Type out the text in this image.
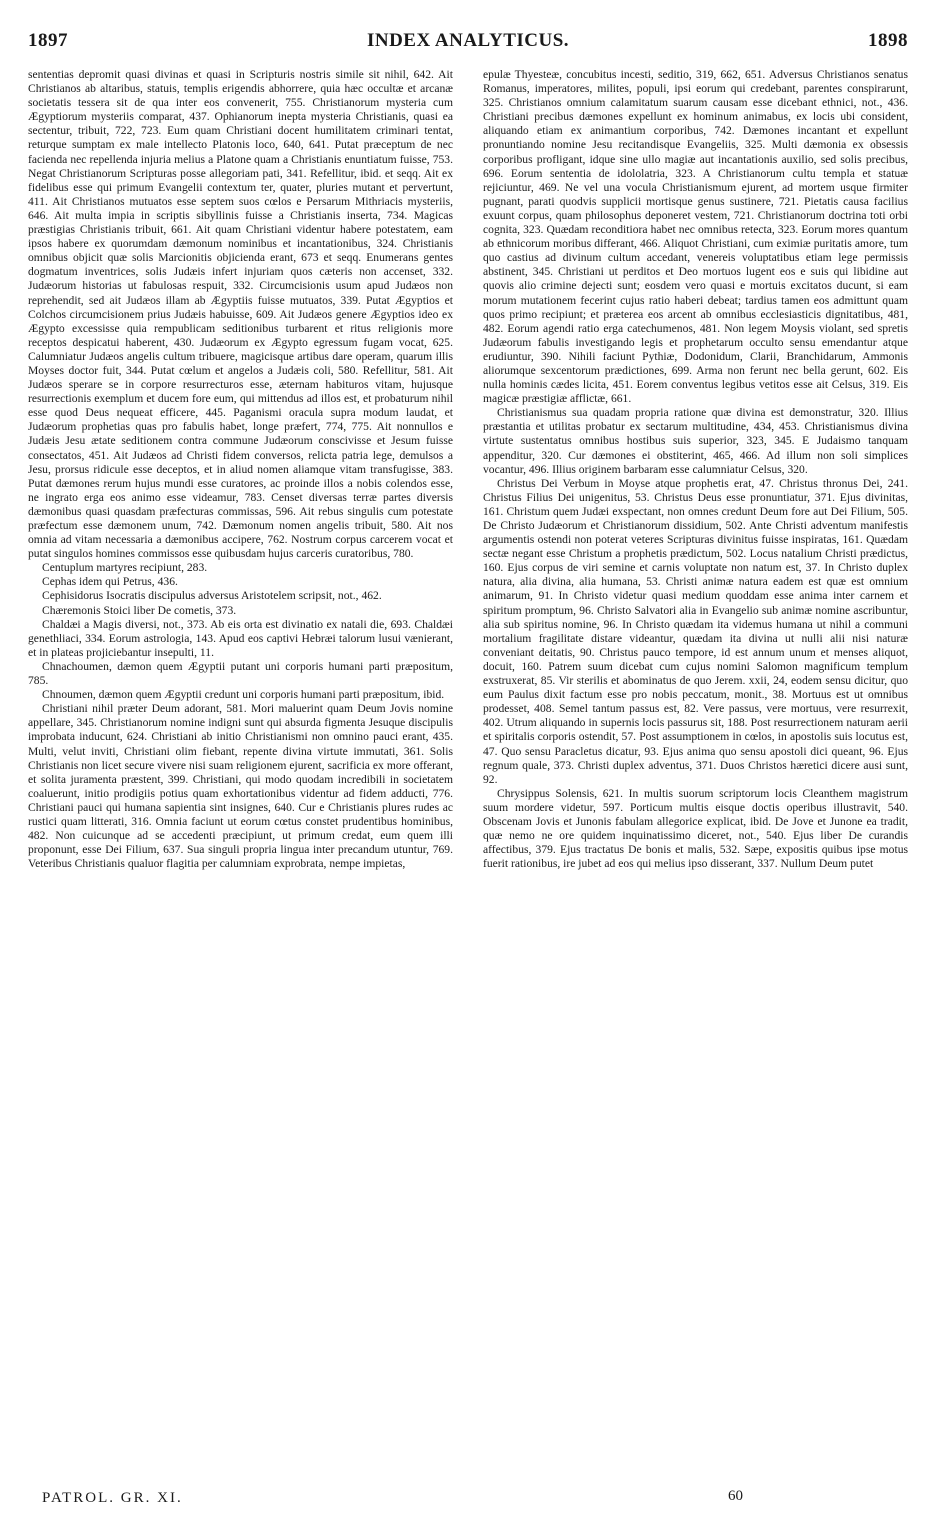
1897	INDEX ANALYTICUS.	1898

sententias depromit quasi divinas et quasi in Scripturis nostris simile sit nihil, 642. Ait Christianos ab altaribus, statuis, templis erigendis abhorrere, quia hæc occultæ et arcanæ societatis tessera sit de qua inter eos convenerit, 755. Christianorum mysteria cum Ægyptiorum mysteriis comparat, 437. Ophianorum inepta mysteria Christianis, quasi ea sectentur, tribuit, 722, 723. Eum quam Christiani docent humilitatem criminari tentat, returque sumptam ex male intellecto Platonis loco, 640, 641. Putat præceptum de nec facienda nec repellenda injuria melius a Platone quam a Christianis enuntiatum fuisse, 753. Negat Christianorum Scripturas posse allegoriam pati, 341. Refellitur, ibid. et seqq. Ait ex fidelibus esse qui primum Evangelii contextum ter, quater, pluries mutant et pervertunt, 411. Ait Christianos mutuatos esse septem suos cœlos e Persarum Mithriacis mysteriis, 646. Ait multa impia in scriptis sibyllinis fuisse a Christianis inserta, 734. Magicas præstigias Christianis tribuit, 661. Ait quam Christiani videntur habere potestatem, eam ipsos habere ex quorumdam dæmonum nominibus et incantationibus, 324. Christianis omnibus objicit quæ solis Marcionitis objicienda erant, 673 et seqq. Enumerans gentes dogmatum inventrices, solis Judæis infert injuriam quos cæteris non accenset, 332. Judæorum historias ut fabulosas respuit, 332. Circumcisionis usum apud Judæos non reprehendit, sed ait Judæos illam ab Ægyptiis fuisse mutuatos, 339. Putat Ægyptios et Colchos circumcisionem prius Judæis habuisse, 609. Ait Judæos genere Ægyptios ideo ex Ægypto excessisse quia rempublicam seditionibus turbarent et ritus religionis more receptos despicatui haberent, 430. Judæorum ex Ægypto egressum fugam vocat, 625. Calumniatur Judæos angelis cultum tribuere, magicisque artibus dare operam, quarum illis Moyses doctor fuit, 344. Putat cœlum et angelos a Judæis coli, 580. Refellitur, 581. Ait Judæos sperare se in corpore resurrecturos esse, æternam habituros vitam, hujusque resurrectionis exemplum et ducem fore eum, qui mittendus ad illos est, et probaturum nihil esse quod Deus nequeat efficere, 445. Paganismi oracula supra modum laudat, et Judæorum prophetias quas pro fabulis habet, longe præfert, 774, 775. Ait nonnullos e Judæis Jesu ætate seditionem contra commune Judæorum conscivisse et Jesum fuisse consectatos, 451. Ait Judæos ad Christi fidem conversos, relicta patria lege, demulsos a Jesu, prorsus ridicule esse deceptos, et in aliud nomen aliamque vitam transfugisse, 383. Putat dæmones rerum hujus mundi esse curatores, ac proinde illos a nobis colendos esse, ne ingrato erga eos animo esse videamur, 783. Censet diversas terræ partes diversis dæmonibus quasi quasdam præfecturas commissas, 596. Ait rebus singulis cum potestate præfectum esse dæmonem unum, 742. Dæmonum nomen angelis tribuit, 580. Ait nos omnia ad vitam necessaria a dæmonibus accipere, 762. Nostrum corpus carcerem vocat et putat singulos homines commissos esse quibusdam hujus carceris curatoribus, 780.

Centuplum martyres recipiunt, 283.

Cephas idem qui Petrus, 436.

Cephisidorus Isocratis discipulus adversus Aristotelem scripsit, not., 462.

Chæremonis Stoici liber De cometis, 373.

Chaldæi a Magis diversi, not., 373. Ab eis orta est divinatio ex natali die, 693. Chaldæi genethliaci, 334. Eorum astrologia, 143. Apud eos captivi Hebræi talorum lusui vænierant, et in plateas projiciebantur insepulti, 11.

Chnachoumen, dæmon quem Ægyptii putant uni corporis humani parti præpositum, 785.

Chnoumen, dæmon quem Ægyptii credunt uni corporis humani parti præpositum, ibid.

Christiani nihil præter Deum adorant, 581. Mori maluerint quam Deum Jovis nomine appellare, 345. Christianorum nomine indigni sunt qui absurda figmenta Jesuque discipulis improbata inducunt, 624. Christiani ab initio Christianismi non omnino pauci erant, 435. Multi, velut inviti, Christiani olim fiebant, repente divina virtute immutati, 361. Solis Christianis non licet secure vivere nisi suam religionem ejurent, sacrificia ex more offerant, et solita juramenta præstent, 399. Christiani, qui modo quodam incredibili in societatem coaluerunt, initio prodigiis potius quam exhortationibus videntur ad fidem adducti, 776. Christiani pauci qui humana sapientia sint insignes, 640. Cur e Christianis plures rudes ac rustici quam litterati, 316. Omnia faciunt ut eorum cœtus constet prudentibus hominibus, 482. Non cuicunque ad se accedenti præcipiunt, ut primum credat, eum quem illi proponunt, esse Dei Filium, 637. Sua singuli propria lingua inter precandum utuntur, 769. Veteribus Christianis qualuor flagitia per calumniam exprobrata, nempe impietas,

epulæ Thyesteæ, concubitus incesti, seditio, 319, 662, 651. Adversus Christianos senatus Romanus, imperatores, milites, populi, ipsi eorum qui credebant, parentes conspirarunt, 325. Christianos omnium calamitatum suarum causam esse dicebant ethnici, not., 436. Christiani precibus dæmones expellunt ex hominum animabus, ex locis ubi consident, aliquando etiam ex animantium corporibus, 742. Dæmones incantant et expellunt pronuntiando nomine Jesu recitandisque Evangeliis, 325. Multi dæmonia ex obsessis corporibus profligant, idque sine ullo magiæ aut incantationis auxilio, sed solis precibus, 696. Eorum sententia de idololatria, 323. A Christianorum cultu templa et statuæ rejiciuntur, 469. Ne vel una vocula Christianismum ejurent, ad mortem usque firmiter pugnant, parati quodvis supplicii mortisque genus sustinere, 721. Pietatis causa facilius exuunt corpus, quam philosophus deponeret vestem, 721. Christianorum doctrina toti orbi cognita, 323. Quædam reconditiora habet nec omnibus retecta, 323. Eorum mores quantum ab ethnicorum moribus differant, 466. Aliquot Christiani, cum eximiæ puritatis amore, tum quo castius ad divinum cultum accedant, venereis voluptatibus etiam lege permissis abstinent, 345. Christiani ut perditos et Deo mortuos lugent eos e suis qui libidine aut quovis alio crimine dejecti sunt; eosdem vero quasi e mortuis excitatos ducunt, si eam morum mutationem fecerint cujus ratio haberi debeat; tardius tamen eos admittunt quam quos primo recipiunt; et præterea eos arcent ab omnibus ecclesiasticis dignitatibus, 481, 482. Eorum agendi ratio erga catechumenos, 481. Non legem Moysis violant, sed spretis Judæorum fabulis investigando legis et prophetarum occulto sensu emendantur atque erudiuntur, 390. Nihili faciunt Pythiæ, Dodonidum, Clarii, Branchidarum, Ammonis aliorumque sexcentorum prædictiones, 699. Arma non ferunt nec bella gerunt, 602. Eis nulla hominis cædes licita, 451. Eorem conventus legibus vetitos esse ait Celsus, 319. Eis magicæ præstigiæ afflictæ, 661.

Christianismus sua quadam propria ratione quæ divina est demonstratur, 320. Illius præstantia et utilitas probatur ex sectarum multitudine, 434, 453. Christianismus divina virtute sustentatus omnibus hostibus suis superior, 323, 345. E Judaismo tanquam appenditur, 320. Cur dæmones ei obstiterint, 465, 466. Ad illum non soli simplices vocantur, 496. Illius originem barbaram esse calumniatur Celsus, 320.

Christus Dei Verbum in Moyse atque prophetis erat, 47. Christus thronus Dei, 241. Christus Filius Dei unigenitus, 53. Christus Deus esse pronuntiatur, 371. Ejus divinitas, 161. Christum quem Judæi exspectant, non omnes credunt Deum fore aut Dei Filium, 505. De Christo Judæorum et Christianorum dissidium, 502. Ante Christi adventum manifestis argumentis ostendi non poterat veteres Scripturas divinitus fuisse inspiratas, 161. Quædam sectæ negant esse Christum a prophetis prædictum, 502. Locus natalium Christi prædictus, 160. Ejus corpus de viri semine et carnis voluptate non natum est, 37. In Christo duplex natura, alia divina, alia humana, 53. Christi animæ natura eadem est quæ est omnium animarum, 91. In Christo videtur quasi medium quoddam esse anima inter carnem et spiritum promptum, 96. Christo Salvatori alia in Evangelio sub animæ nomine ascribuntur, alia sub spiritus nomine, 96. In Christo quædam ita videmus humana ut nihil a communi mortalium fragilitate distare videantur, quædam ita divina ut nulli alii nisi naturæ conveniant deitatis, 90. Christus pauco tempore, id est annum unum et menses aliquot, docuit, 160. Patrem suum dicebat cum cujus nomini Salomon magnificum templum exstruxerat, 85. Vir sterilis et abominatus de quo Jerem. xxii, 24, eodem sensu dicitur, quo eum Paulus dixit factum esse pro nobis peccatum, monit., 38. Mortuus est ut omnibus prodesset, 408. Semel tantum passus est, 82. Vere passus, vere mortuus, vere resurrexit, 402. Utrum aliquando in supernis locis passurus sit, 188. Post resurrectionem naturam aerii et spiritalis corporis ostendit, 57. Post assumptionem in cœlos, in apostolis suis locutus est, 47. Quo sensu Paracletus dicatur, 93. Ejus anima quo sensu apostoli dici queant, 96. Ejus regnum quale, 373. Christi duplex adventus, 371. Duos Christos hæretici dicere ausi sunt, 92.

Chrysippus Solensis, 621. In multis suorum scriptorum locis Cleanthem magistrum suum mordere videtur, 597. Porticum multis eisque doctis operibus illustravit, 540. Obscenam Jovis et Junonis fabulam allegorice explicat, ibid. De Jove et Junone ea tradit, quæ nemo ne ore quidem inquinatissimo diceret, not., 540. Ejus liber De curandis affectibus, 379. Ejus tractatus De bonis et malis, 532. Sæpe, expositis quibus ipse motus fuerit rationibus, ire jubet ad eos qui melius ipso disserant, 337. Nullum Deum putet

PATROL. GR. XI.	60
